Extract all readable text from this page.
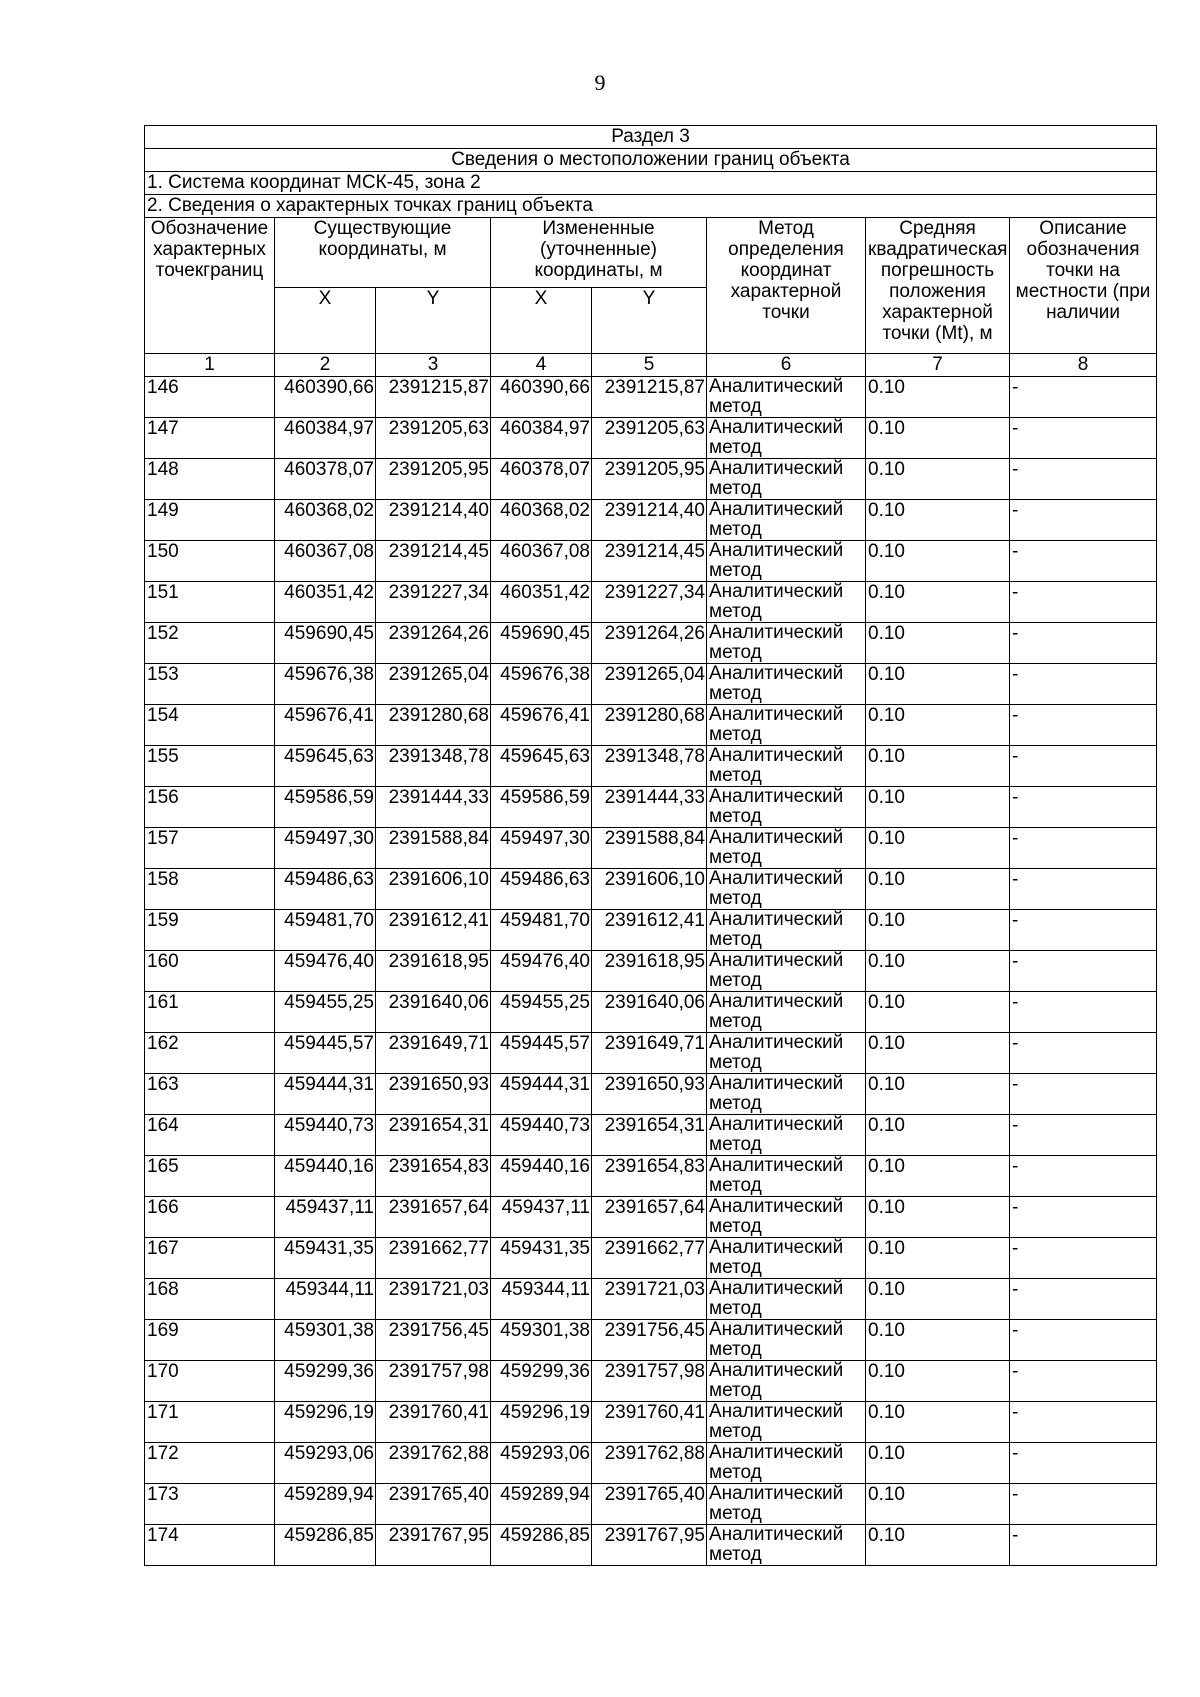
9
Раздел 3							
Сведения о местоположении границ объекта							
1. Система координат МСК-45, зона 2							
2. Сведения о характерных точках границ объекта							
Обозначение характерных точекграниц	Существующие координаты, м		Измененные (уточненные) координаты, м		Метод определения координат характерной точки	Средняя квадратическая погрешность положения характерной точки (Mt), м	Описание обозначения точки на местности (при наличии
	X	Y	X	Y			
1	2	3	4	5	6	7	8
146	460390,66	2391215,87	460390,66	2391215,87	Аналитический метод	0.10	-
147	460384,97	2391205,63	460384,97	2391205,63	Аналитический метод	0.10	-
148	460378,07	2391205,95	460378,07	2391205,95	Аналитический метод	0.10	-
149	460368,02	2391214,40	460368,02	2391214,40	Аналитический метод	0.10	-
150	460367,08	2391214,45	460367,08	2391214,45	Аналитический метод	0.10	-
151	460351,42	2391227,34	460351,42	2391227,34	Аналитический метод	0.10	-
152	459690,45	2391264,26	459690,45	2391264,26	Аналитический метод	0.10	-
153	459676,38	2391265,04	459676,38	2391265,04	Аналитический метод	0.10	-
154	459676,41	2391280,68	459676,41	2391280,68	Аналитический метод	0.10	-
155	459645,63	2391348,78	459645,63	2391348,78	Аналитический метод	0.10	-
156	459586,59	2391444,33	459586,59	2391444,33	Аналитический метод	0.10	-
157	459497,30	2391588,84	459497,30	2391588,84	Аналитический метод	0.10	-
158	459486,63	2391606,10	459486,63	2391606,10	Аналитический метод	0.10	-
159	459481,70	2391612,41	459481,70	2391612,41	Аналитический метод	0.10	-
160	459476,40	2391618,95	459476,40	2391618,95	Аналитический метод	0.10	-
161	459455,25	2391640,06	459455,25	2391640,06	Аналитический метод	0.10	-
162	459445,57	2391649,71	459445,57	2391649,71	Аналитический метод	0.10	-
163	459444,31	2391650,93	459444,31	2391650,93	Аналитический метод	0.10	-
164	459440,73	2391654,31	459440,73	2391654,31	Аналитический метод	0.10	-
165	459440,16	2391654,83	459440,16	2391654,83	Аналитический метод	0.10	-
166	459437,11	2391657,64	459437,11	2391657,64	Аналитический метод	0.10	-
167	459431,35	2391662,77	459431,35	2391662,77	Аналитический метод	0.10	-
168	459344,11	2391721,03	459344,11	2391721,03	Аналитический метод	0.10	-
169	459301,38	2391756,45	459301,38	2391756,45	Аналитический метод	0.10	-
170	459299,36	2391757,98	459299,36	2391757,98	Аналитический метод	0.10	-
171	459296,19	2391760,41	459296,19	2391760,41	Аналитический метод	0.10	-
172	459293,06	2391762,88	459293,06	2391762,88	Аналитический метод	0.10	-
173	459289,94	2391765,40	459289,94	2391765,40	Аналитический метод	0.10	-
174	459286,85	2391767,95	459286,85	2391767,95	Аналитический метод	0.10	-
